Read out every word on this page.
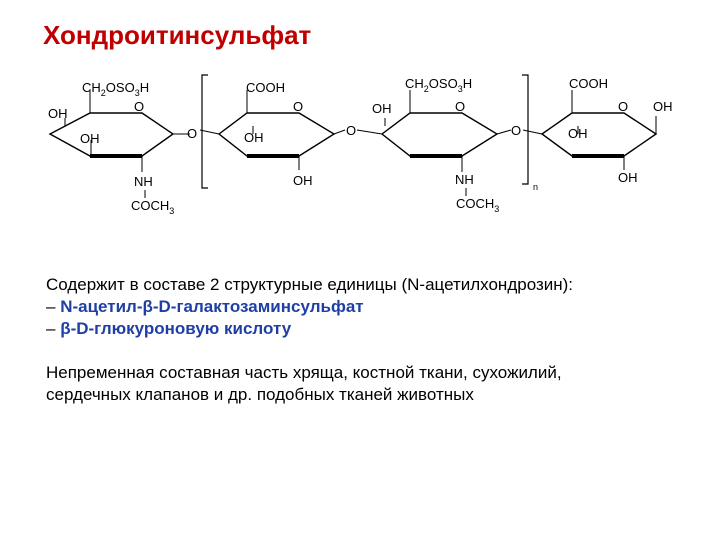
Хондроитинсульфат
$CH_2OSO_3H$
O
OH
OH
NH
$COCH_3$
O
COOH
O
OH
OH
O
$CH_2OSO_3H$
O
OH
NH
$COCH_3$
O
n
COOH
O OH
OH
OH
Содержит в составе 2 структурные единицы (N-ацетилхондрозин):
– N-ацетил-β-D-галактозаминсульфат
– β-D-глюкуроновую кислоту
Непременная составная часть хряща, костной ткани, сухожилий,
сердечных клапанов и др. подобных тканей животных
